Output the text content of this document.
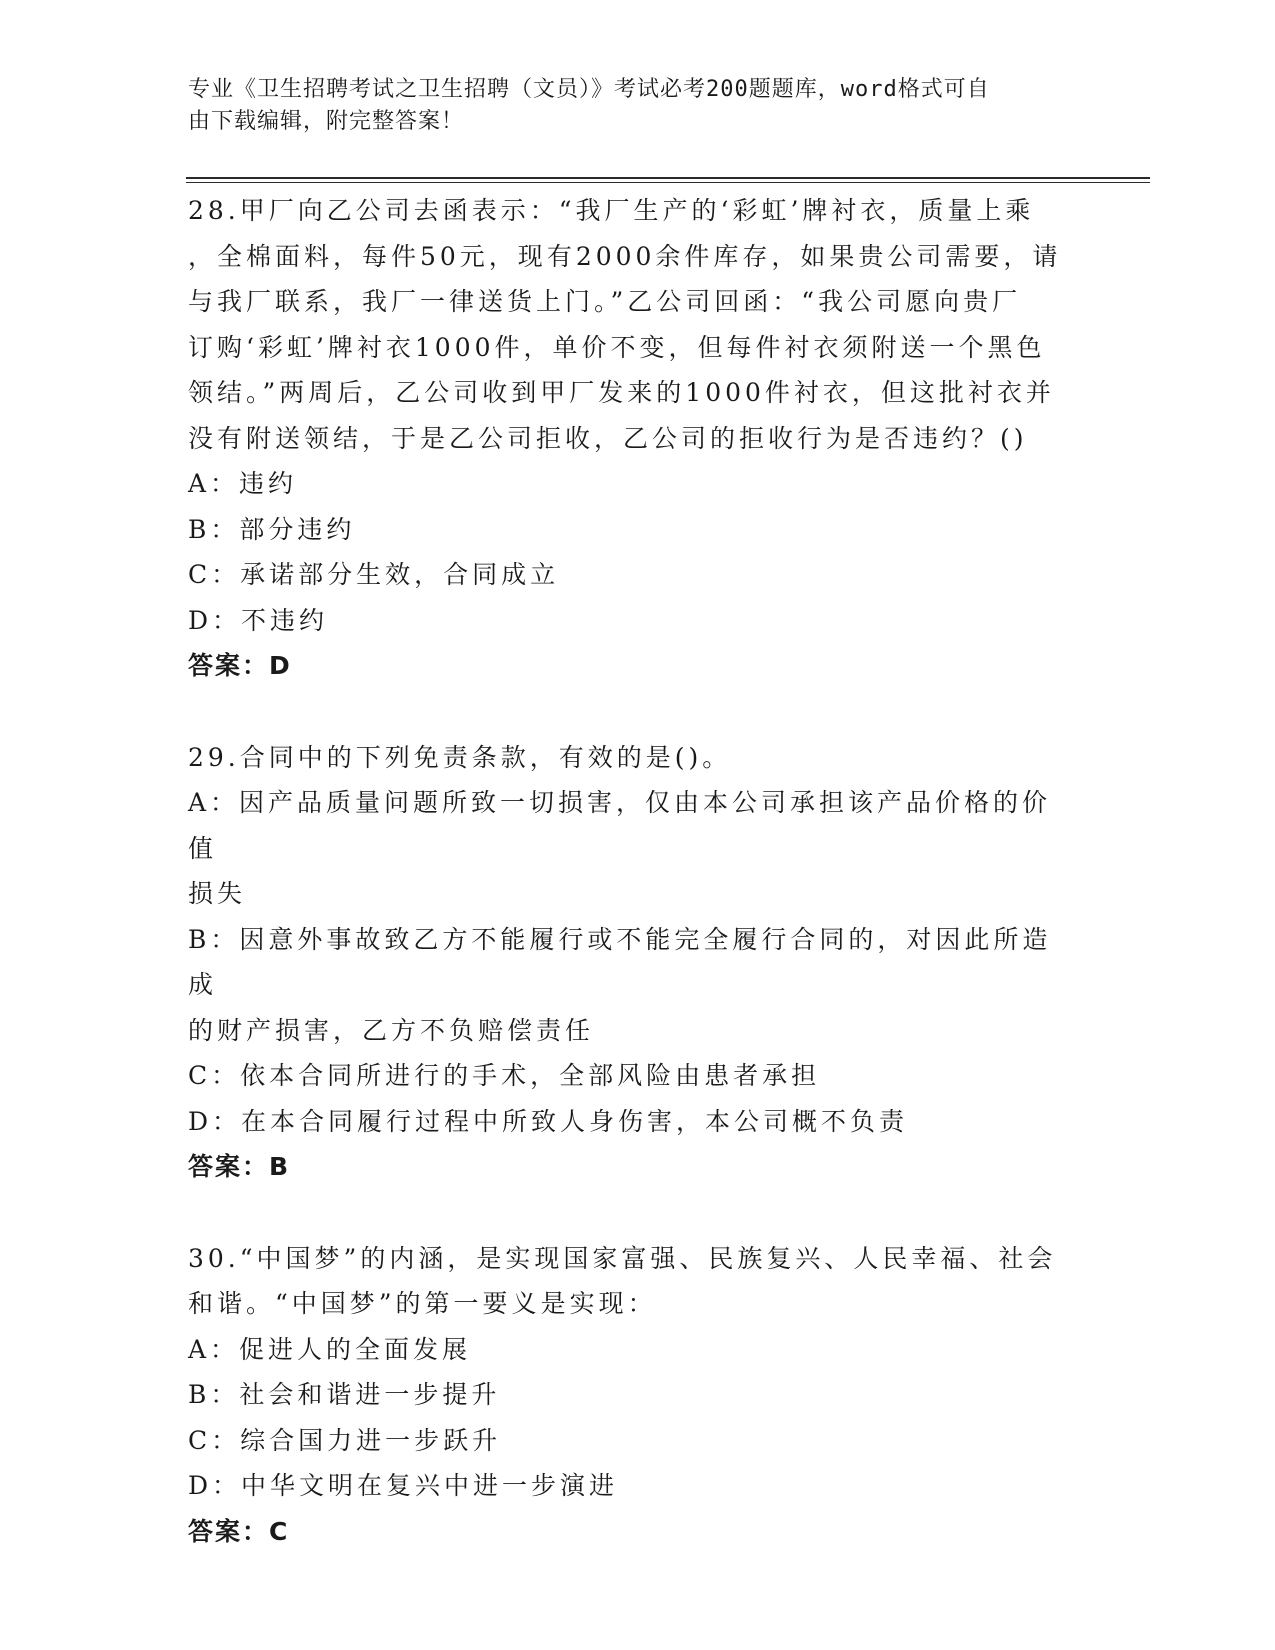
专业《卫生招聘考试之卫生招聘（文员）》考试必考200题题库，word格式可自
由下载编辑，附完整答案！

28.甲厂向乙公司去函表示：“我厂生产的‘彩虹’牌衬衣，质量上乘

，全棉面料，每件50元，现有2000余件库存，如果贵公司需要，请

与我厂联系，我厂一律送货上门。”乙公司回函：“我公司愿向贵厂

订购‘彩虹’牌衬衣1000件，单价不变，但每件衬衣须附送一个黑色

领结。”两周后，乙公司收到甲厂发来的1000件衬衣，但这批衬衣并

没有附送领结，于是乙公司拒收，乙公司的拒收行为是否违约？()

A：违约

B：部分违约

C：承诺部分生效，合同成立

D：不违约

答案：D

29.合同中的下列免责条款，有效的是()。

A：因产品质量问题所致一切损害，仅由本公司承担该产品价格的价值

损失

B：因意外事故致乙方不能履行或不能完全履行合同的，对因此所造成

的财产损害，乙方不负赔偿责任

C：依本合同所进行的手术，全部风险由患者承担

D：在本合同履行过程中所致人身伤害，本公司概不负责

答案：B

30.“中国梦”的内涵，是实现国家富强、民族复兴、人民幸福、社会

和谐。“中国梦”的第一要义是实现：

A：促进人的全面发展

B：社会和谐进一步提升

C：综合国力进一步跃升

D：中华文明在复兴中进一步演进

答案：C
